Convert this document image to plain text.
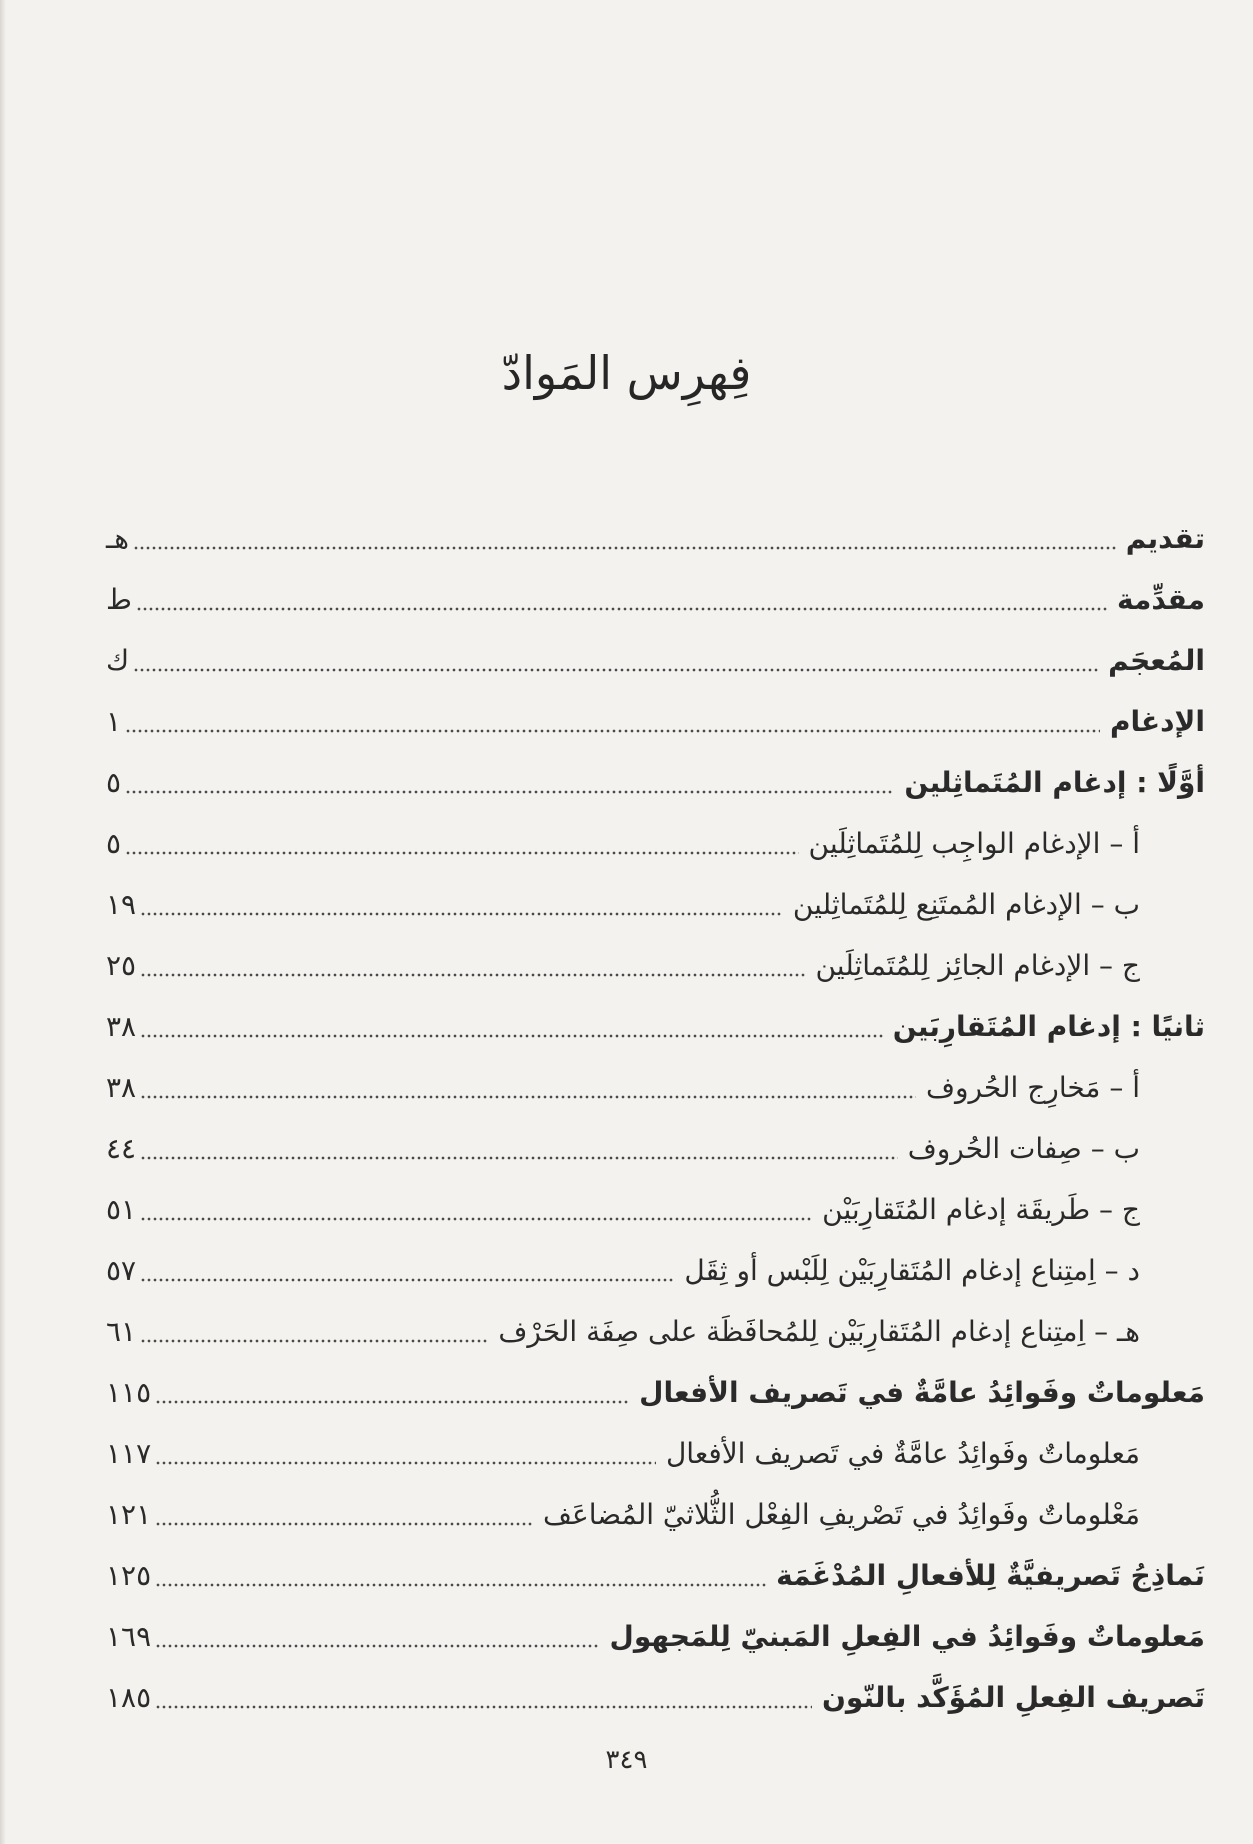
فِهرِس المَوادّ
تقديم
هـ
مقدِّمة
ط
المُعجَم
ك
الإدغام
١
أوَّلًا : إدغام المُتَماثِلين
٥
أ – الإدغام الواجِب لِلمُتَماثِلَين
٥
ب – الإدغام المُمتَنِع لِلمُتَماثِلين
١٩
ج – الإدغام الجائِز لِلمُتَماثِلَين
٢٥
ثانيًا : إدغام المُتَقارِبَين
٣٨
أ – مَخارِج الحُروف
٣٨
ب – صِفات الحُروف
٤٤
ج – طَريقَة إدغام المُتَقارِبَيْن
٥١
د – اِمتِناع إدغام المُتَقارِبَيْن لِلَبْس أو ثِقَل
٥٧
هـ – اِمتِناع إدغام المُتَقارِبَيْن لِلمُحافَظَة على صِفَة الحَرْف
٦١
مَعلوماتٌ وفَوائِدُ عامَّةٌ في تَصريف الأفعال
١١٥
مَعلوماتٌ وفَوائِدُ عامَّةٌ في تَصريف الأفعال
١١٧
مَعْلوماتٌ وفَوائِدُ في تَصْريفِ الفِعْل الثُّلاثيّ المُضاعَف
١٢١
نَماذِجُ تَصريفيَّةٌ لِلأفعالِ المُدْغَمَة
١٢٥
مَعلوماتٌ وفَوائِدُ في الفِعلِ المَبنيّ لِلمَجهول
١٦٩
تَصريف الفِعلِ المُؤَكَّد بالنّون
١٨٥
٣٤٩
